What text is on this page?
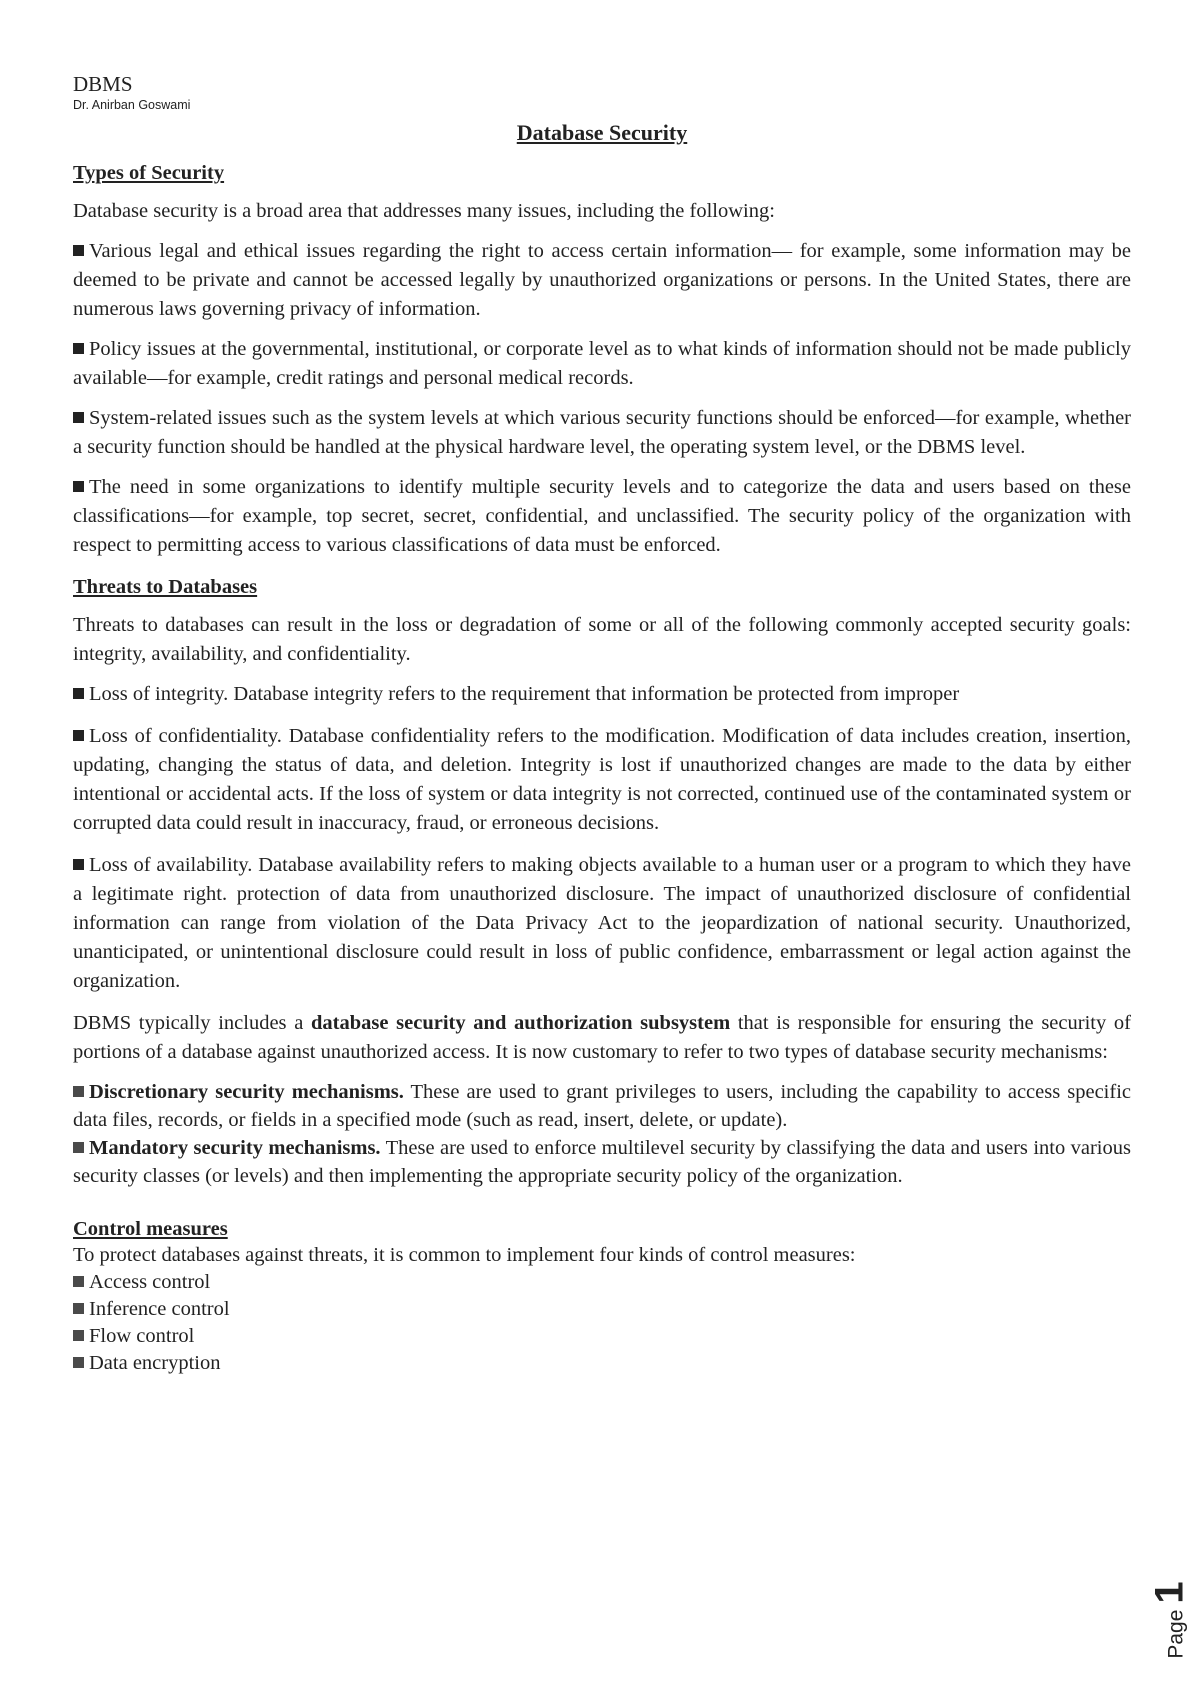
DBMS

Dr. Anirban Goswami

Database Security
Types of Security

Database security is a broad area that addresses many issues, including the following:

Various legal and ethical issues regarding the right to access certain information— for example, some information may be deemed to be private and cannot be accessed legally by unauthorized organizations or persons. In the United States, there are numerous laws governing privacy of information.

Policy issues at the governmental, institutional, or corporate level as to what kinds of information should not be made publicly available—for example, credit ratings and personal medical records.

System-related issues such as the system levels at which various security functions should be enforced—for example, whether a security function should be handled at the physical hardware level, the operating system level, or the DBMS level.

The need in some organizations to identify multiple security levels and to categorize the data and users based on these classifications—for example, top secret, secret, confidential, and unclassified. The security policy of the organization with respect to permitting access to various classifications of data must be enforced.

Threats to Databases

Threats to databases can result in the loss or degradation of some or all of the following commonly accepted security goals: integrity, availability, and confidentiality.

Loss of integrity. Database integrity refers to the requirement that information be protected from improper

Loss of confidentiality. Database confidentiality refers to the modification. Modification of data includes creation, insertion, updating, changing the status of data, and deletion. Integrity is lost if unauthorized changes are made to the data by either intentional or accidental acts. If the loss of system or data integrity is not corrected, continued use of the contaminated system or corrupted data could result in inaccuracy, fraud, or erroneous decisions.

Loss of availability. Database availability refers to making objects available to a human user or a program to which they have a legitimate right. protection of data from unauthorized disclosure. The impact of unauthorized disclosure of confidential information can range from violation of the Data Privacy Act to the jeopardization of national security. Unauthorized, unanticipated, or unintentional disclosure could result in loss of public confidence, embarrassment or legal action against the organization.

DBMS typically includes a database security and authorization subsystem that is responsible for ensuring the security of portions of a database against unauthorized access. It is now customary to refer to two types of database security mechanisms:

Discretionary security mechanisms. These are used to grant privileges to users, including the capability to access specific data files, records, or fields in a specified mode (such as read, insert, delete, or update).

Mandatory security mechanisms. These are used to enforce multilevel security by classifying the data and users into various security classes (or levels) and then implementing the appropriate security policy of the organization.

Control measures

To protect databases against threats, it is common to implement four kinds of control measures:

Access control
Inference control
Flow control
Data encryption
Page1
